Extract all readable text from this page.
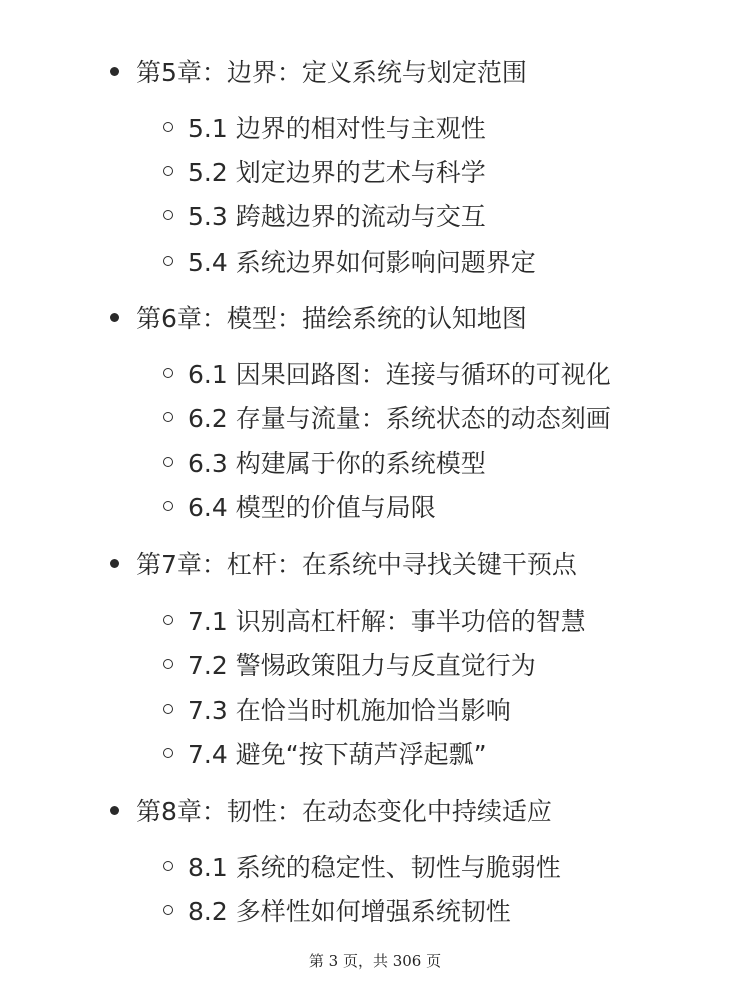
第5章：边界：定义系统与划定范围
5.1 边界的相对性与主观性
5.2 划定边界的艺术与科学
5.3 跨越边界的流动与交互
5.4 系统边界如何影响问题界定
第6章：模型：描绘系统的认知地图
6.1 因果回路图：连接与循环的可视化
6.2 存量与流量：系统状态的动态刻画
6.3 构建属于你的系统模型
6.4 模型的价值与局限
第7章：杠杆：在系统中寻找关键干预点
7.1 识别高杠杆解：事半功倍的智慧
7.2 警惕政策阻力与反直觉行为
7.3 在恰当时机施加恰当影响
7.4 避免“按下葫芦浮起瓢”
第8章：韧性：在动态变化中持续适应
8.1 系统的稳定性、韧性与脆弱性
8.2 多样性如何增强系统韧性
第 3 页，共 306 页
